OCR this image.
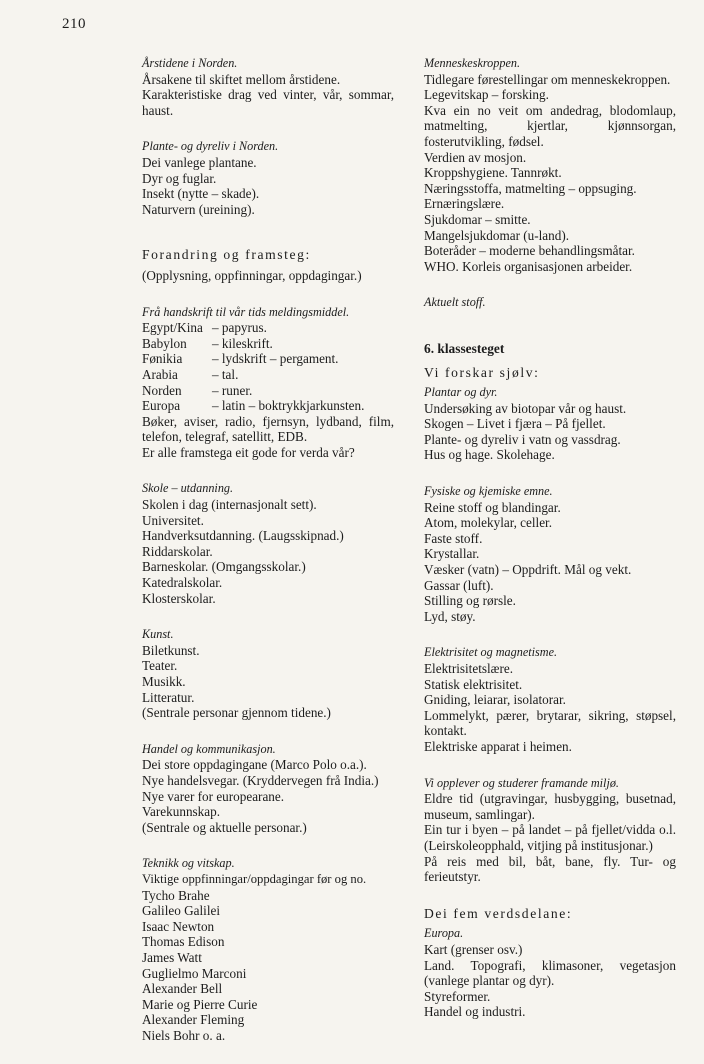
210
Årstidene i Norden.
Årsakene til skiftet mellom årstidene.
Karakteristiske drag ved vinter, vår, sommar, haust.
Plante- og dyreliv i Norden.
Dei vanlege plantane.
Dyr og fuglar.
Insekt (nytte – skade).
Naturvern (ureining).
Forandring og framsteg:
(Opplysning, oppfinningar, oppdagingar.)
Frå handskrift til vår tids meldingsmiddel.
Egypt/Kina	– papyrus.
Babylon	– kileskrift.
Fønikia	– lydskrift – pergament.
Arabia	– tal.
Norden	– runer.
Europa	– latin – boktrykkjarkunsten.
Bøker, aviser, radio, fjernsyn, lydband, film, telefon, telegraf, satellitt, EDB.
Er alle framstega eit gode for verda vår?
Skole – utdanning.
Skolen i dag (internasjonalt sett).
Universitet.
Handverksutdanning. (Laugsskipnad.)
Riddarskolar.
Barneskolar. (Omgangsskolar.)
Katedralskolar.
Klosterskolar.
Kunst.
Biletkunst.
Teater.
Musikk.
Litteratur.
(Sentrale personar gjennom tidene.)
Handel og kommunikasjon.
Dei store oppdagingane (Marco Polo o.a.).
Nye handelsvegar. (Kryddervegen frå India.)
Nye varer for europearane.
Varekunnskap.
(Sentrale og aktuelle personar.)
Teknikk og vitskap.
Viktige oppfinningar/oppdagingar før og no.
Tycho Brahe
Galileo Galilei
Isaac Newton
Thomas Edison
James Watt
Guglielmo Marconi
Alexander Bell
Marie og Pierre Curie
Alexander Fleming
Niels Bohr o. a.
Menneskeskroppen.
Tidlegare førestellingar om menneskekroppen.
Legevitskap – forsking.
Kva ein no veit om andedrag, blodomlaup, matmelting, kjertlar, kjønnsorgan, fosterutvikling, fødsel.
Verdien av mosjon.
Kroppshygiene. Tannrøkt.
Næringsstoffa, matmelting – oppsuging.
Ernæringslære.
Sjukdomar – smitte.
Mangelsjukdomar (u-land).
Boteråder – moderne behandlingsmåtar.
WHO. Korleis organisasjonen arbeider.
Aktuelt stoff.
6. klassesteget
Vi forskar sjølv:
Plantar og dyr.
Undersøking av biotopar vår og haust.
Skogen – Livet i fjæra – På fjellet.
Plante- og dyreliv i vatn og vassdrag.
Hus og hage. Skolehage.
Fysiske og kjemiske emne.
Reine stoff og blandingar.
Atom, molekylar, celler.
Faste stoff.
Krystallar.
Væsker (vatn) – Oppdrift. Mål og vekt.
Gassar (luft).
Stilling og rørsle.
Lyd, støy.
Elektrisitet og magnetisme.
Elektrisitetslære.
Statisk elektrisitet.
Gniding, leiarar, isolatorar.
Lommelykt, pærer, brytarar, sikring, støpsel, kontakt.
Elektriske apparat i heimen.
Vi opplever og studerer framande miljø.
Eldre tid (utgravingar, husbygging, busetnad, museum, samlingar).
Ein tur i byen – på landet – på fjellet/vidda o.l. (Leirskoleopphald, vitjing på institusjonar.)
På reis med bil, båt, bane, fly. Tur- og ferieutstyr.
Dei fem verdsdelane:
Europa.
Kart (grenser osv.)
Land. Topografi, klimasoner, vegetasjon (vanlege plantar og dyr).
Styreformer.
Handel og industri.
